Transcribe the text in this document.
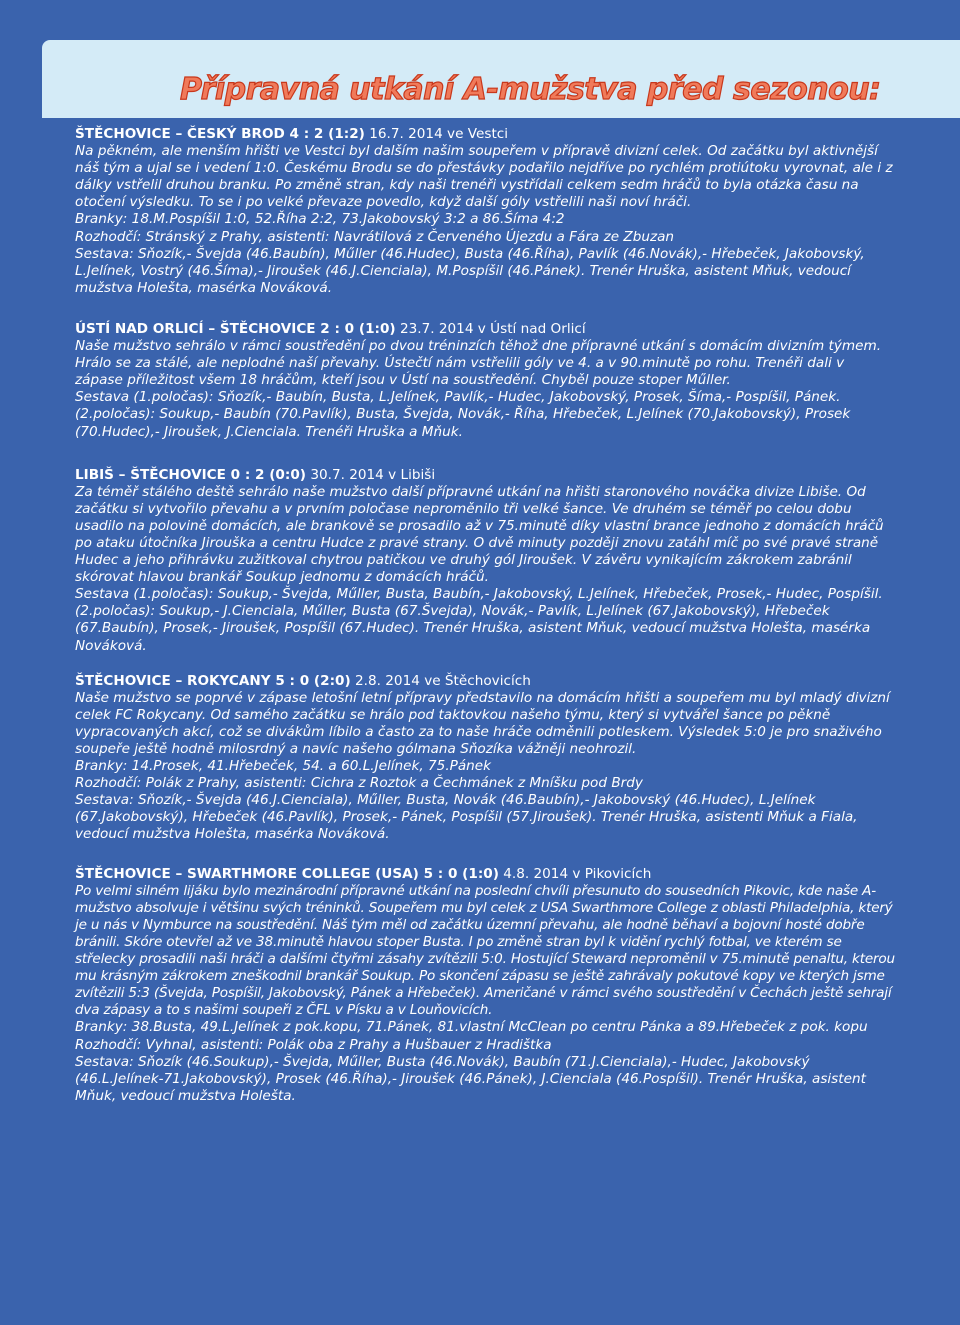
Přípravná utkání A-mužstva před sezonou:
ŠTĚCHOVICE – ČESKÝ BROD 4 : 2 (1:2) 16.7. 2014 ve Vestci
Na pěkném, ale menším hřišti ve Vestci byl dalším našim soupeřem v přípravě divizní celek. Od začátku byl aktivnější náš tým a ujal se i vedení 1:0. Českému Brodu se do přestávky podařilo nejdříve po rychlém protiútoku vyrovnat, ale i z dálky vstřelil druhou branku. Po změně stran, kdy naši trenéři vystřídali celkem sedm hráčů to byla otázka času na otočení výsledku. To se i po velké převaze povedlo, když další góly vstřelili naši noví hráči.
Branky: 18.M.Pospíšil 1:0, 52.Říha 2:2, 73.Jakobovský 3:2 a 86.Šíma 4:2
Rozhodčí: Stránský z Prahy, asistenti: Navrátilová z Červeného Újezdu a Fára ze Zbuzan
Sestava: Sňozík,- Švejda (46.Baubín), Műller (46.Hudec), Busta (46.Říha), Pavlík (46.Novák),- Hřebeček, Jakobovský, L.Jelínek, Vostrý (46.Šíma),- Jiroušek (46.J.Cienciala), M.Pospíšil (46.Pánek). Trenér Hruška, asistent Mňuk, vedoucí mužstva Holešta, masérka Nováková.
ÚSTÍ NAD ORLICÍ – ŠTĚCHOVICE 2 : 0 (1:0) 23.7. 2014 v Ústí nad Orlicí
Naše mužstvo sehrálo v rámci soustředění po dvou tréninzích těhož dne přípravné utkání s domácím divizním týmem. Hrálo se za stálé, ale neplodné naší převahy. Ústečtí nám vstřelili góly ve 4. a v 90.minutě po rohu. Trenéři dali v zápase příležitost všem 18 hráčům, kteří jsou v Ústí na soustředění. Chyběl pouze stoper Műller.
Sestava (1.poločas): Sňozík,- Baubín, Busta, L.Jelínek, Pavlík,- Hudec, Jakobovský, Prosek, Šíma,- Pospíšil, Pánek. (2.poločas): Soukup,- Baubín (70.Pavlík), Busta, Švejda, Novák,- Říha, Hřebeček, L.Jelínek (70.Jakobovský), Prosek (70.Hudec),- Jiroušek, J.Cienciala. Trenéři Hruška a Mňuk.
LIBIŠ – ŠTĚCHOVICE 0 : 2 (0:0) 30.7. 2014 v Libiši
Za téměř stálého deště sehrálo naše mužstvo další přípravné utkání na hřišti staronového nováčka divize Libiše. Od začátku si vytvořilo převahu a v prvním poločase neproměnilo tři velké šance. Ve druhém se téměř po celou dobu usadilo na polovině domácích, ale brankově se prosadilo až v 75.minutě díky vlastní brance jednoho z domácích hráčů po ataku útočníka Jirouška a centru Hudce z pravé strany. O dvě minuty později znovu zatáhl míč po své pravé straně Hudec a jeho přihrávku zužitkoval chytrou patičkou ve druhý gól Jiroušek. V závěru vynikajícím zákrokem zabránil skórovat hlavou brankář Soukup jednomu z domácích hráčů.
Sestava (1.poločas): Soukup,- Švejda, Műller, Busta, Baubín,- Jakobovský, L.Jelínek, Hřebeček, Prosek,- Hudec, Pospíšil.
(2.poločas): Soukup,- J.Cienciala, Műller, Busta (67.Švejda), Novák,- Pavlík, L.Jelínek (67.Jakobovský), Hřebeček (67.Baubín), Prosek,- Jiroušek, Pospíšil (67.Hudec). Trenér Hruška, asistent Mňuk, vedoucí mužstva Holešta, masérka Nováková.
ŠTĚCHOVICE – ROKYCANY 5 : 0 (2:0) 2.8. 2014 ve Štěchovicích
Naše mužstvo se poprvé v zápase letošní letní přípravy představilo na domácím hřišti a soupeřem mu byl mladý divizní celek FC Rokycany. Od samého začátku se hrálo pod taktovkou našeho týmu, který si vytvářel šance po pěkně vypracovaných akcí, což se divákům líbilo a často za to naše hráče odměnili potleskem. Výsledek 5:0 je pro snaživého soupeře ještě hodně milosrdný a navíc našeho gólmana Sňozíka vážněji neohrozil.
Branky: 14.Prosek, 41.Hřebeček, 54. a 60.L.Jelínek, 75.Pánek
Rozhodčí: Polák z Prahy, asistenti: Cichra z Roztok a Čechmánek z Mníšku pod Brdy
Sestava: Sňozík,- Švejda (46.J.Cienciala), Műller, Busta, Novák (46.Baubín),- Jakobovský (46.Hudec), L.Jelínek (67.Jakobovský), Hřebeček (46.Pavlík), Prosek,- Pánek, Pospíšil (57.Jiroušek). Trenér Hruška, asistenti Mňuk a Fiala, vedoucí mužstva Holešta, masérka Nováková.
ŠTĚCHOVICE – SWARTHMORE COLLEGE (USA) 5 : 0 (1:0) 4.8. 2014 v Pikovicích
Po velmi silném lijáku bylo mezinárodní přípravné utkání na poslední chvíli přesunuto do sousedních Pikovic, kde naše A-mužstvo absolvuje i většinu svých tréninků. Soupeřem mu byl celek z USA Swarthmore College z oblasti Philadelphia, který je u nás v Nymburce na soustředění. Náš tým měl od začátku územní převahu, ale hodně běhaví a bojovní hosté dobře bránili. Skóre otevřel až ve 38.minutě hlavou stoper Busta. I po změně stran byl k vidění rychlý fotbal, ve kterém se střelecky prosadili naši hráči a dalšími čtyřmi zásahy zvítězili 5:0. Hostující Steward neproměnil v 75.minutě penaltu, kterou mu krásným zákrokem zneškodnil brankář Soukup. Po skončení zápasu se ještě zahrávaly pokutové kopy ve kterých jsme zvítězili 5:3 (Švejda, Pospíšil, Jakobovský, Pánek a Hřebeček). Američané v rámci svého soustředění v Čechách ještě sehrají dva zápasy a to s našimi soupeři z ČFL v Písku a v Louňovicích.
Branky: 38.Busta, 49.L.Jelínek z pok.kopu, 71.Pánek, 81.vlastní McClean po centru Pánka a 89.Hřebeček z pok. kopu
Rozhodčí: Vyhnal, asistenti: Polák oba z Prahy a Hušbauer z Hradištka
Sestava: Sňozík (46.Soukup),- Švejda, Műller, Busta (46.Novák), Baubín (71.J.Cienciala),- Hudec, Jakobovský (46.L.Jelínek-71.Jakobovský), Prosek (46.Říha),- Jiroušek (46.Pánek), J.Cienciala (46.Pospíšil). Trenér Hruška, asistent Mňuk, vedoucí mužstva Holešta.
